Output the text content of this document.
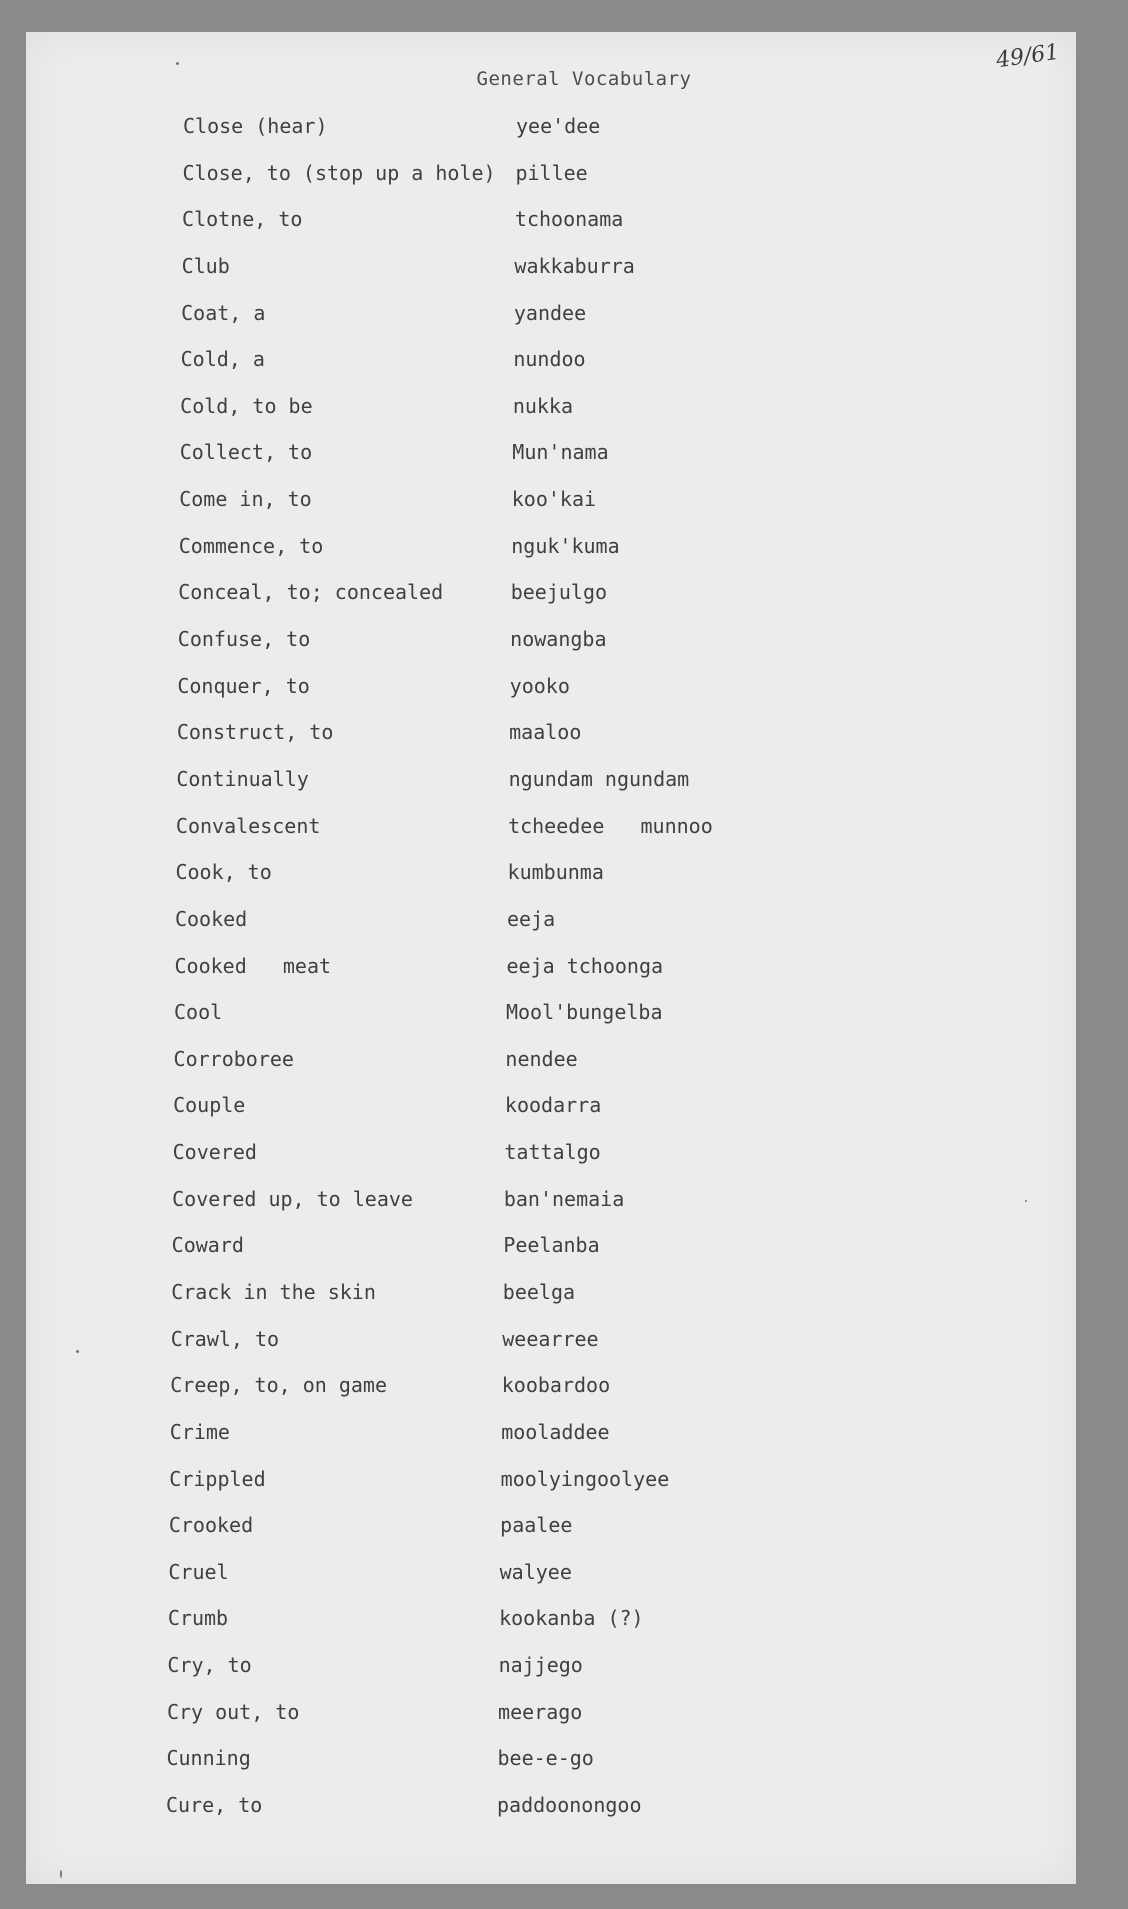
General Vocabulary
49/61
Close (hear)	yee'dee
Close, to (stop up a hole) pillee
Clotne, to	tchoonama
Club	wakkaburra
Coat, a	yandee
Cold, a	nundoo
Cold, to be	nukka
Collect, to	Mun'nama
Come in, to	koo'kai
Commence, to	nguk'kuma
Conceal, to; concealed	beejulgo
Confuse, to	nowangba
Conquer, to	yooko
Construct, to	maaloo
Continually	ngundam ngundam
Convalescent	tcheedee   munnoo
Cook, to	kumbunma
Cooked	eeja
Cooked   meat	eeja tchoonga
Cool	Mool'bungelba
Corroboree	nendee
Couple	koodarra
Covered	tattalgo
Covered up, to leave	ban'nemaia
Coward	Peelanba
Crack in the skin	beelga
Crawl, to	weearree
Creep, to, on game	koobardoo
Crime	mooladdee
Crippled	moolyingoolyee
Crooked	paalee
Cruel	walyee
Crumb	kookanba (?)
Cry, to	najjego
Cry out, to	meerago
Cunning	bee-e-go
Cure, to	paddoonongoo
